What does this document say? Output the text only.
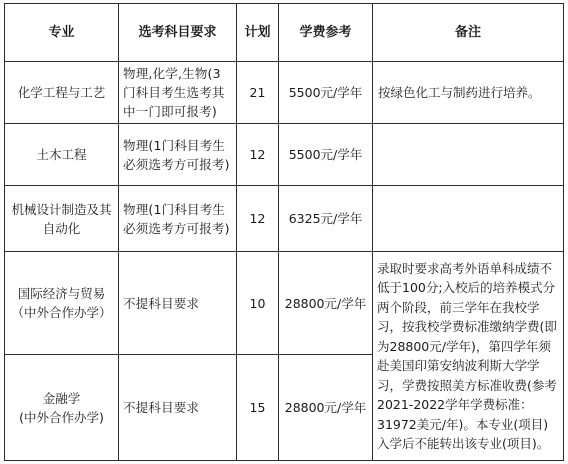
专业	选考科目要求	计划	学费参考	备注

化学工程与工艺	物理,化学,生物(3门科目考生选考其中一门即可报考)	21	5500元/学年	按绿色化工与制药进行培养。

土木工程	物理(1门科目考生必须选考方可报考)	12	5500元/学年	

机械设计制造及其
自动化	物理(1门科目考生必须选考方可报考)	12	6325元/学年	

国际经济与贸易
（中外合作办学）	不提科目要求	10	28800元/学年	录取时要求高考外语单科成绩不低于100分;入校后的培养模式分两个阶段，前三学年在我校学习，按我校学费标准缴纳学费(即为28800元/学年)，第四学年须赴美国印第安纳波利斯大学学习，学费按照美方标准收费(参考2021-2022学年学费标准：31972美元/年)。本专业(项目)入学后不能转出该专业(项目)。

金融学
(中外合作办学)	不提科目要求	15	28800元/学年	
